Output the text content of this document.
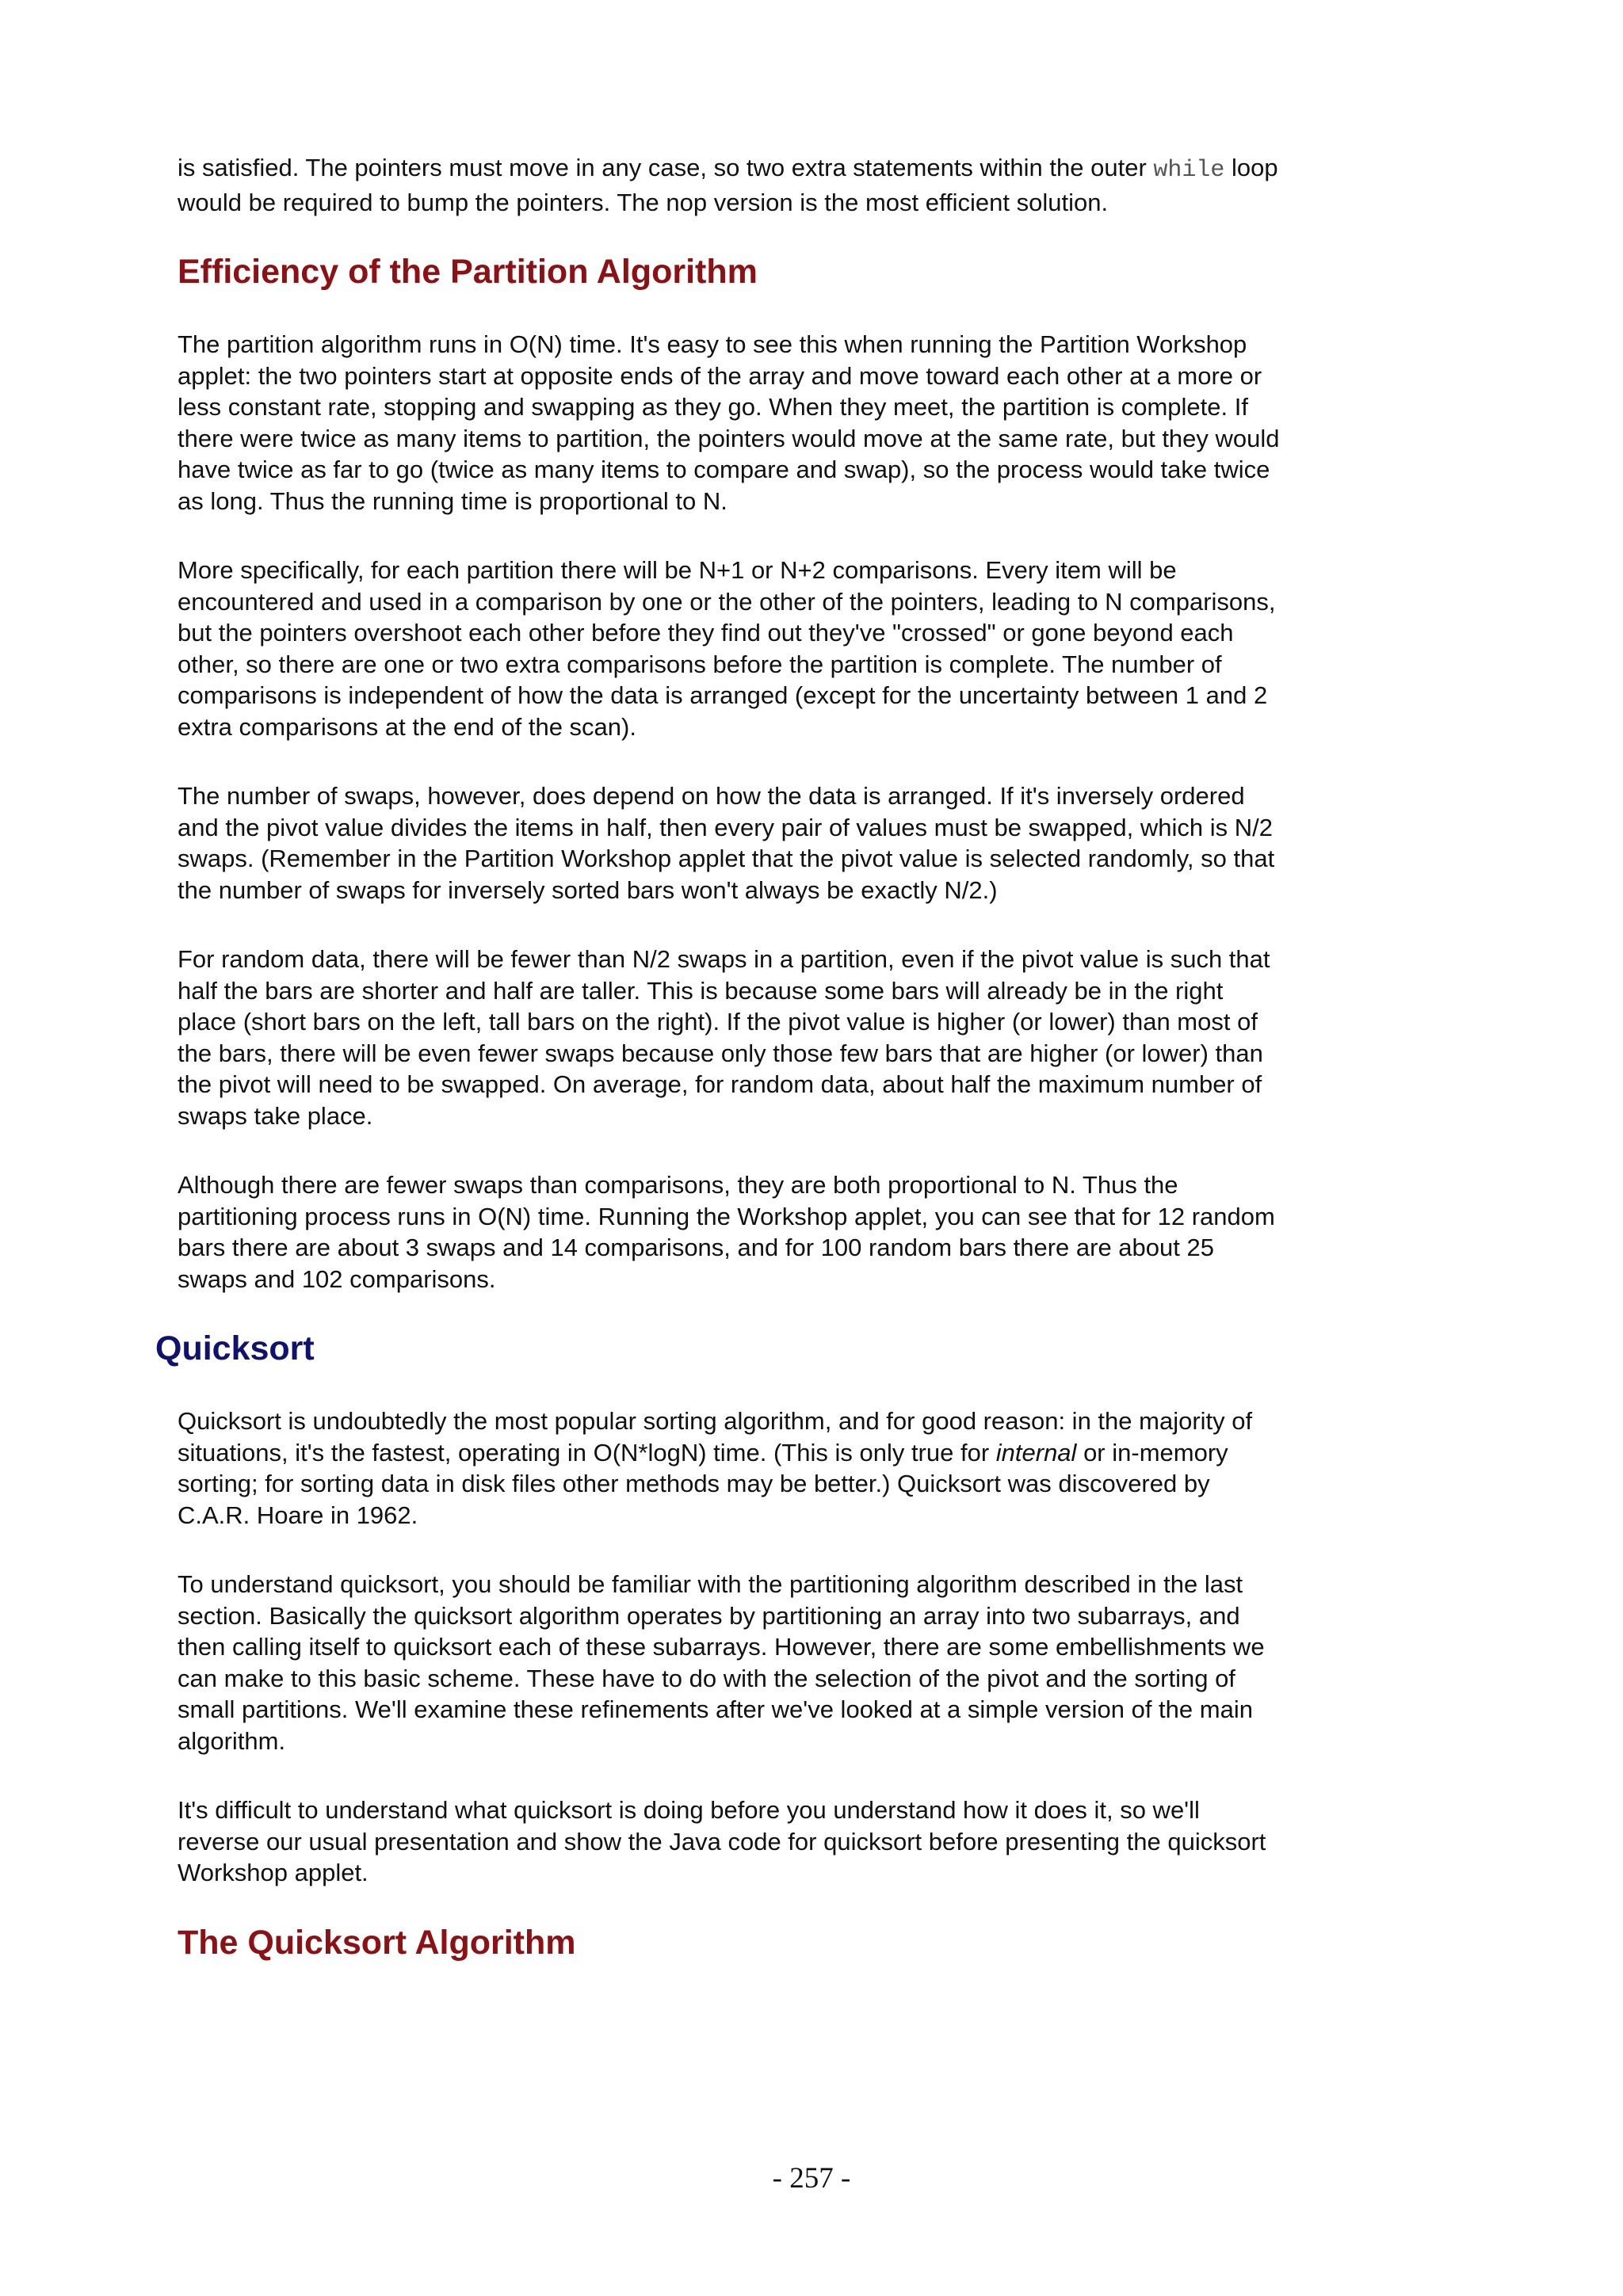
is satisfied. The pointers must move in any case, so two extra statements within the outer while loop would be required to bump the pointers. The nop version is the most efficient solution.

Efficiency of the Partition Algorithm

The partition algorithm runs in O(N) time. It's easy to see this when running the Partition Workshop applet: the two pointers start at opposite ends of the array and move toward each other at a more or less constant rate, stopping and swapping as they go. When they meet, the partition is complete. If there were twice as many items to partition, the pointers would move at the same rate, but they would have twice as far to go (twice as many items to compare and swap), so the process would take twice as long. Thus the running time is proportional to N.

More specifically, for each partition there will be N+1 or N+2 comparisons. Every item will be encountered and used in a comparison by one or the other of the pointers, leading to N comparisons, but the pointers overshoot each other before they find out they've "crossed" or gone beyond each other, so there are one or two extra comparisons before the partition is complete. The number of comparisons is independent of how the data is arranged (except for the uncertainty between 1 and 2 extra comparisons at the end of the scan).

The number of swaps, however, does depend on how the data is arranged. If it's inversely ordered and the pivot value divides the items in half, then every pair of values must be swapped, which is N/2 swaps. (Remember in the Partition Workshop applet that the pivot value is selected randomly, so that the number of swaps for inversely sorted bars won't always be exactly N/2.)

For random data, there will be fewer than N/2 swaps in a partition, even if the pivot value is such that half the bars are shorter and half are taller. This is because some bars will already be in the right place (short bars on the left, tall bars on the right). If the pivot value is higher (or lower) than most of the bars, there will be even fewer swaps because only those few bars that are higher (or lower) than the pivot will need to be swapped. On average, for random data, about half the maximum number of swaps take place.

Although there are fewer swaps than comparisons, they are both proportional to N. Thus the partitioning process runs in O(N) time. Running the Workshop applet, you can see that for 12 random bars there are about 3 swaps and 14 comparisons, and for 100 random bars there are about 25 swaps and 102 comparisons.

Quicksort

Quicksort is undoubtedly the most popular sorting algorithm, and for good reason: in the majority of situations, it's the fastest, operating in O(N*logN) time. (This is only true for internal or in-memory sorting; for sorting data in disk files other methods may be better.) Quicksort was discovered by C.A.R. Hoare in 1962.

To understand quicksort, you should be familiar with the partitioning algorithm described in the last section. Basically the quicksort algorithm operates by partitioning an array into two subarrays, and then calling itself to quicksort each of these subarrays. However, there are some embellishments we can make to this basic scheme. These have to do with the selection of the pivot and the sorting of small partitions. We'll examine these refinements after we've looked at a simple version of the main algorithm.

It's difficult to understand what quicksort is doing before you understand how it does it, so we'll reverse our usual presentation and show the Java code for quicksort before presenting the quicksort Workshop applet.

The Quicksort Algorithm
- 257 -
